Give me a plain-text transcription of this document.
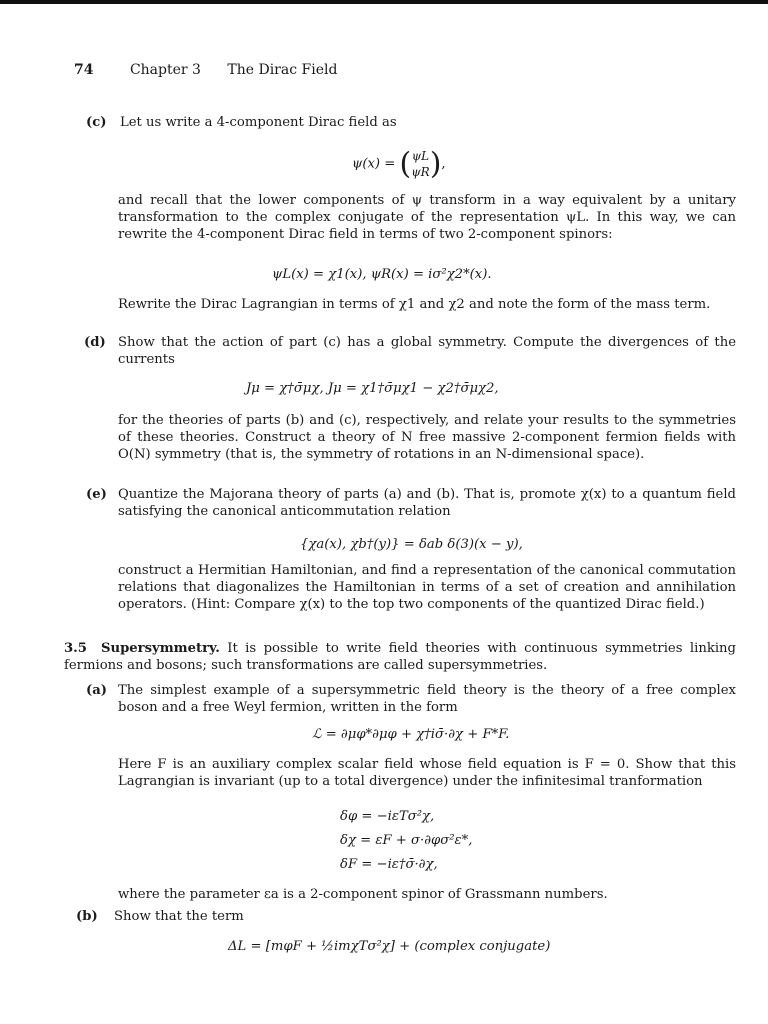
74	Chapter 3 The Dirac Field
(c) Let us write a 4-component Dirac field as
ψ(x) = (ψL
ψR),
and recall that the lower components of ψ transform in a way equivalent by a unitary transformation to the complex conjugate of the representation ψL. In this way, we can rewrite the 4-component Dirac field in terms of two 2-component spinors:
ψL(x) = χ1(x), ψR(x) = iσ²χ2*(x).
Rewrite the Dirac Lagrangian in terms of χ1 and χ2 and note the form of the mass term.
(d) Show that the action of part (c) has a global symmetry. Compute the divergences of the currents
Jμ = χ†σ̄μχ, Jμ = χ1†σ̄μχ1 − χ2†σ̄μχ2,
for the theories of parts (b) and (c), respectively, and relate your results to the symmetries of these theories. Construct a theory of N free massive 2-component fermion fields with O(N) symmetry (that is, the symmetry of rotations in an N-dimensional space).
(e) Quantize the Majorana theory of parts (a) and (b). That is, promote χ(x) to a quantum field satisfying the canonical anticommutation relation
{χa(x), χb†(y)} = δab δ(3)(x − y),
construct a Hermitian Hamiltonian, and find a representation of the canonical commutation relations that diagonalizes the Hamiltonian in terms of a set of creation and annihilation operators. (Hint: Compare χ(x) to the top two components of the quantized Dirac field.)
3.5 Supersymmetry. It is possible to write field theories with continuous symmetries linking fermions and bosons; such transformations are called supersymmetries.
(a) The simplest example of a supersymmetric field theory is the theory of a free complex boson and a free Weyl fermion, written in the form
ℒ = ∂μφ*∂μφ + χ†iσ̄·∂χ + F*F.
Here F is an auxiliary complex scalar field whose field equation is F = 0. Show that this Lagrangian is invariant (up to a total divergence) under the infinitesimal tranformation
δφ = −iεTσ²χ,
δχ = εF + σ·∂φσ²ε*,
δF = −iε†σ̄·∂χ,
where the parameter εa is a 2-component spinor of Grassmann numbers.
(b) Show that the term
ΔL = [mφF + ½imχTσ²χ] + (complex conjugate)
